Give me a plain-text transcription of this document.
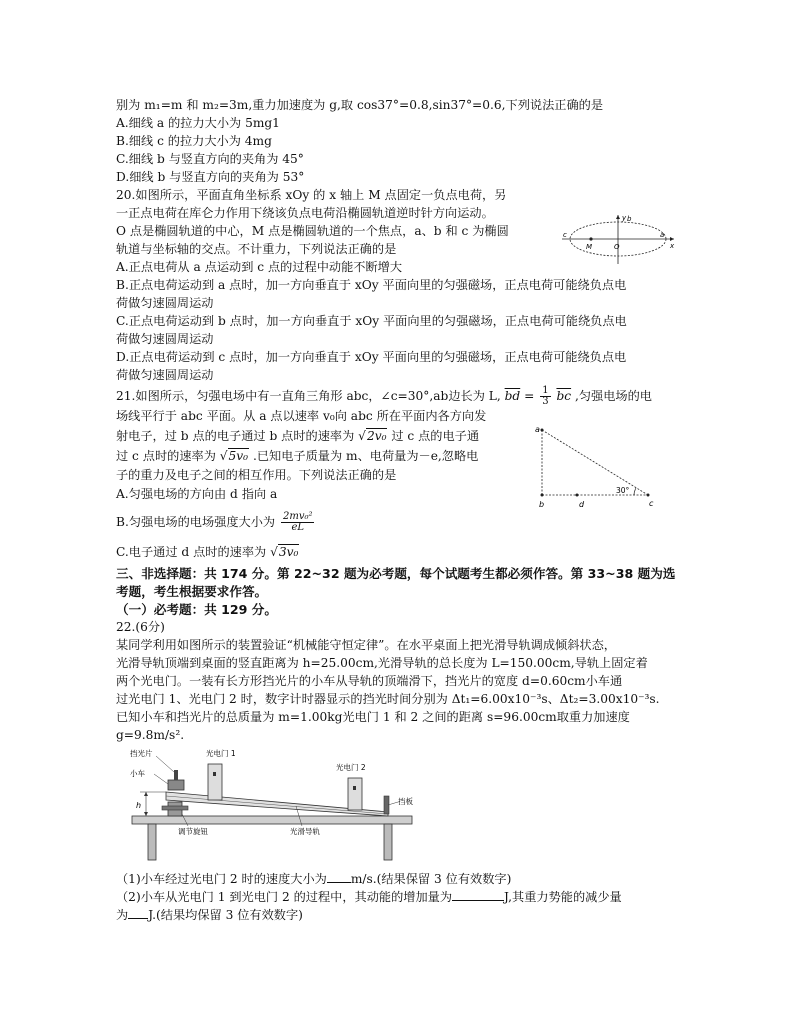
别为 m₁=m 和 m₂=3m,重力加速度为 g,取 cos37°=0.8,sin37°=0.6,下列说法正确的是
A.细线 a 的拉力大小为 5mg1
B.细线 c 的拉力大小为 4mg
C.细线 b 与竖直方向的夹角为 45°
D.细线 b 与竖直方向的夹角为 53°
20.如图所示，平面直角坐标系 xOy 的 x 轴上 M 点固定一负点电荷，另
一正点电荷在库仑力作用下绕该负点电荷沿椭圆轨道逆时针方向运动。
O 点是椭圆轨道的中心，M 点是椭圆轨道的一个焦点，a、b 和 c 为椭圆
轨道与坐标轴的交点。不计重力，下列说法正确的是
A.正点电荷从 a 点运动到 c 点的过程中动能不断增大
B.正点电荷运动到 a 点时，加一方向垂直于 xOy 平面向里的匀强磁场，正点电荷可能绕负点电
荷做匀速圆周运动
C.正点电荷运动到 b 点时，加一方向垂直于 xOy 平面向里的匀强磁场，正点电荷可能绕负点电
荷做匀速圆周运动
D.正点电荷运动到 c 点时，加一方向垂直于 xOy 平面向里的匀强磁场，正点电荷可能绕负点电
荷做匀速圆周运动
y
x
b
c
M	O
a
21.如图所示，匀强电场中有一直角三角形 abc，∠c=30°,ab边长为 L, $\overline{bd} = \frac{1}{3} \overline{bc}$ ,匀强电场的电
场线平行于 abc 平面。从 a 点以速率 v₀向 abc 所在平面内各方向发
射电子，过 b 点的电子通过 b 点时的速率为 √2v₀ 过 c 点的电子通
过 c 点时的速率为 √5v₀ .已知电子质量为 m、电荷量为－e,忽略电
子的重力及电子之间的相互作用。下列说法正确的是
A.匀强电场的方向由 d 指向 a
B.匀强电场的电场强度大小为 $\frac{\text{2mv₀²}}{eL}$
C.电子通过 d 点时的速率为 √3v₀
a
b	c
d
30°
三、非选择题：共 174 分。第 22~32 题为必考题，每个试题考生都必须作答。第 33~38 题为选
考题，考生根据要求作答。
（一）必考题：共 129 分。
22.(6分)
某同学利用如图所示的装置验证“机械能守恒定律”。在水平桌面上把光滑导轨调成倾斜状态，
光滑导轨顶端到桌面的竖直距离为 h=25.00cm,光滑导轨的总长度为 L=150.00cm,导轨上固定着
两个光电门。一装有长方形挡光片的小车从导轨的顶端滑下，挡光片的宽度 d=0.60cm小车通
过光电门 1、光电门 2 时，数字计时器显示的挡光时间分别为 Δt₁=6.00x10⁻³s、Δt₂=3.00x10⁻³s.
已知小车和挡光片的总质量为 m=1.00kg光电门 1 和 2 之间的距离 s=96.00cm取重力加速度
g=9.8m/s².
挡光片
小车
光电门 1
光电门 2
h	挡板
调节旋钮	光滑导轨
（1)小车经过光电门 2 时的速度大小为 m/s.(结果保留 3 位有效数字)
（2)小车从光电门 1 到光电门 2 的过程中，其动能的增加量为	J,其重力势能的减少量
为 J.(结果均保留 3 位有效数字)
